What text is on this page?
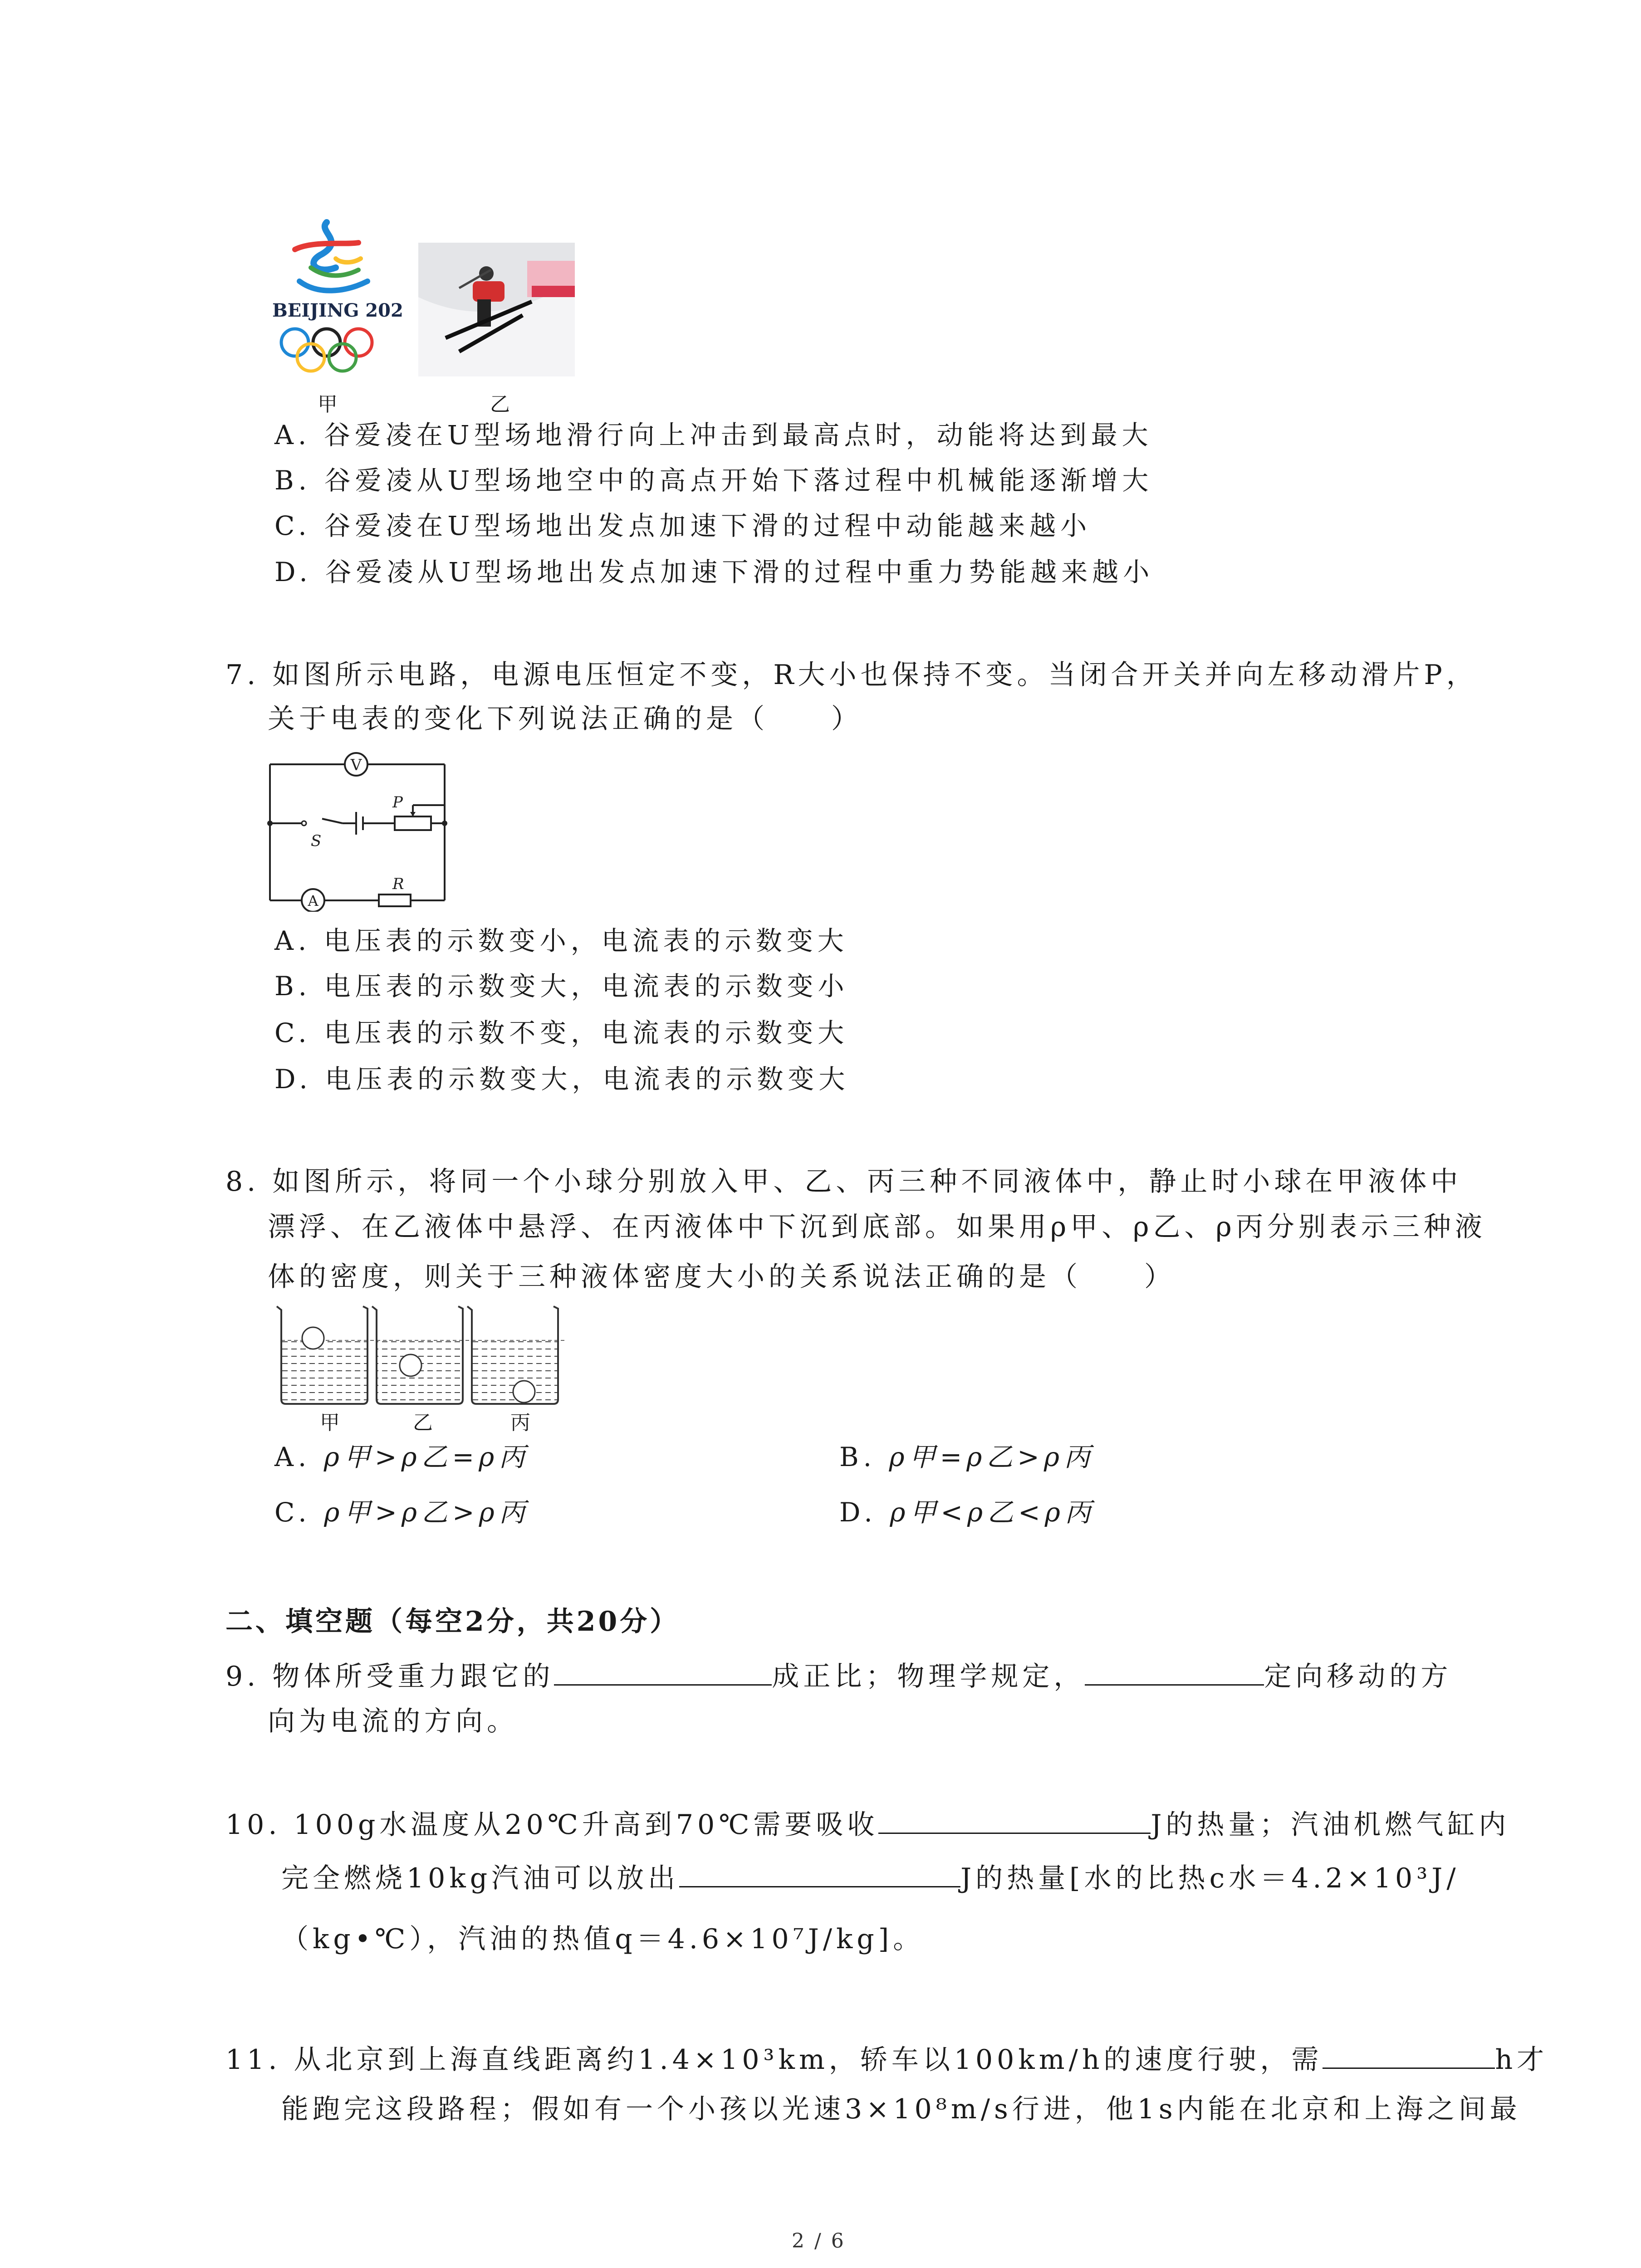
BEIJING 2022
甲	乙
A. 谷爱凌在U型场地滑行向上冲击到最高点时，动能将达到最大
B. 谷爱凌从U型场地空中的高点开始下落过程中机械能逐渐增大
C. 谷爱凌在U型场地出发点加速下滑的过程中动能越来越小
D. 谷爱凌从U型场地出发点加速下滑的过程中重力势能越来越小
7. 如图所示电路，电源电压恒定不变，R大小也保持不变。当闭合开关并向左移动滑片P，
关于电表的变化下列说法正确的是（　　）
V
A
S
P
R
A. 电压表的示数变小，电流表的示数变大
B. 电压表的示数变大，电流表的示数变小
C. 电压表的示数不变，电流表的示数变大
D. 电压表的示数变大，电流表的示数变大
8. 如图所示，将同一个小球分别放入甲、乙、丙三种不同液体中，静止时小球在甲液体中
漂浮、在乙液体中悬浮、在丙液体中下沉到底部。如果用ρ甲、ρ乙、ρ丙分别表示三种液
体的密度，则关于三种液体密度大小的关系说法正确的是（　　）
甲	乙	丙
A. ρ甲>ρ乙=ρ丙	B. ρ甲=ρ乙>ρ丙
C. ρ甲>ρ乙>ρ丙	D. ρ甲<ρ乙<ρ丙
二、填空题（每空2分，共20分）
9. 物体所受重力跟它的	成正比；物理学规定，	定向移动的方
向为电流的方向。
10. 100g水温度从20℃升高到70℃需要吸收	J的热量；汽油机燃气缸内
完全燃烧10kg汽油可以放出	J的热量[水的比热c水＝4.2×10³J/
（kg•℃），汽油的热值q＝4.6×10⁷J/kg]。
11. 从北京到上海直线距离约1.4×10³km，轿车以100km/h的速度行驶，需	h才
能跑完这段路程；假如有一个小孩以光速3×10⁸m/s行进，他1s内能在北京和上海之间最
2 / 6
